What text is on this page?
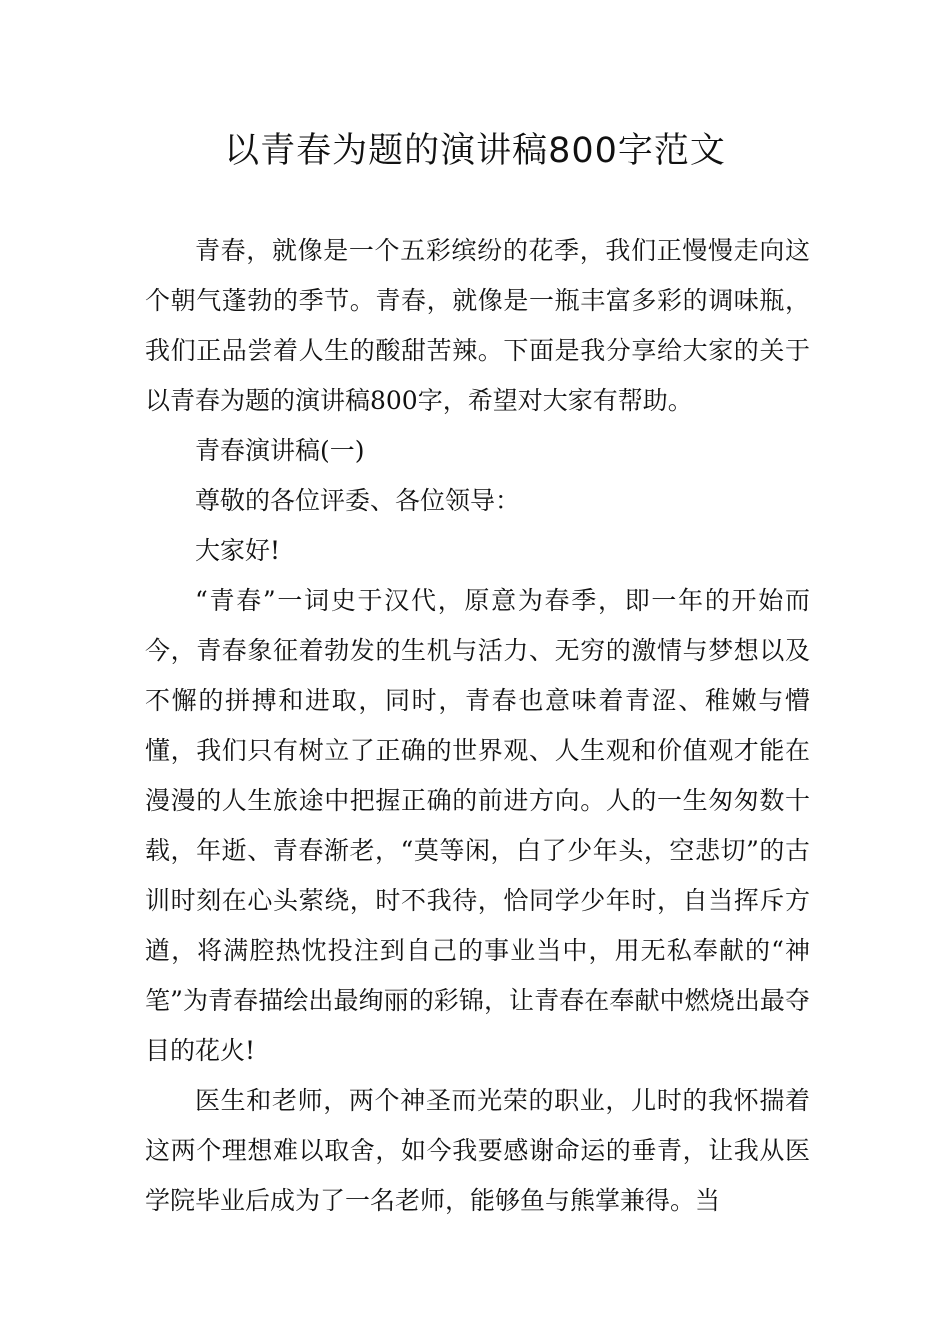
以青春为题的演讲稿800字范文

青春，就像是一个五彩缤纷的花季，我们正慢慢走向这个朝气蓬勃的季节。青春，就像是一瓶丰富多彩的调味瓶，我们正品尝着人生的酸甜苦辣。下面是我分享给大家的关于以青春为题的演讲稿800字，希望对大家有帮助。

青春演讲稿(一)

尊敬的各位评委、各位领导：

大家好!

“青春”一词史于汉代，原意为春季，即一年的开始而今，青春象征着勃发的生机与活力、无穷的激情与梦想以及不懈的拼搏和进取，同时，青春也意味着青涩、稚嫩与懵懂，我们只有树立了正确的世界观、人生观和价值观才能在漫漫的人生旅途中把握正确的前进方向。人的一生匆匆数十载，年逝、青春渐老，“莫等闲，白了少年头，空悲切”的古训时刻在心头萦绕，时不我待，恰同学少年时，自当挥斥方遒，将满腔热忱投注到自己的事业当中，用无私奉献的“神笔”为青春描绘出最绚丽的彩锦，让青春在奉献中燃烧出最夺目的花火!

医生和老师，两个神圣而光荣的职业，儿时的我怀揣着这两个理想难以取舍，如今我要感谢命运的垂青，让我从医学院毕业后成为了一名老师，能够鱼与熊掌兼得。当
